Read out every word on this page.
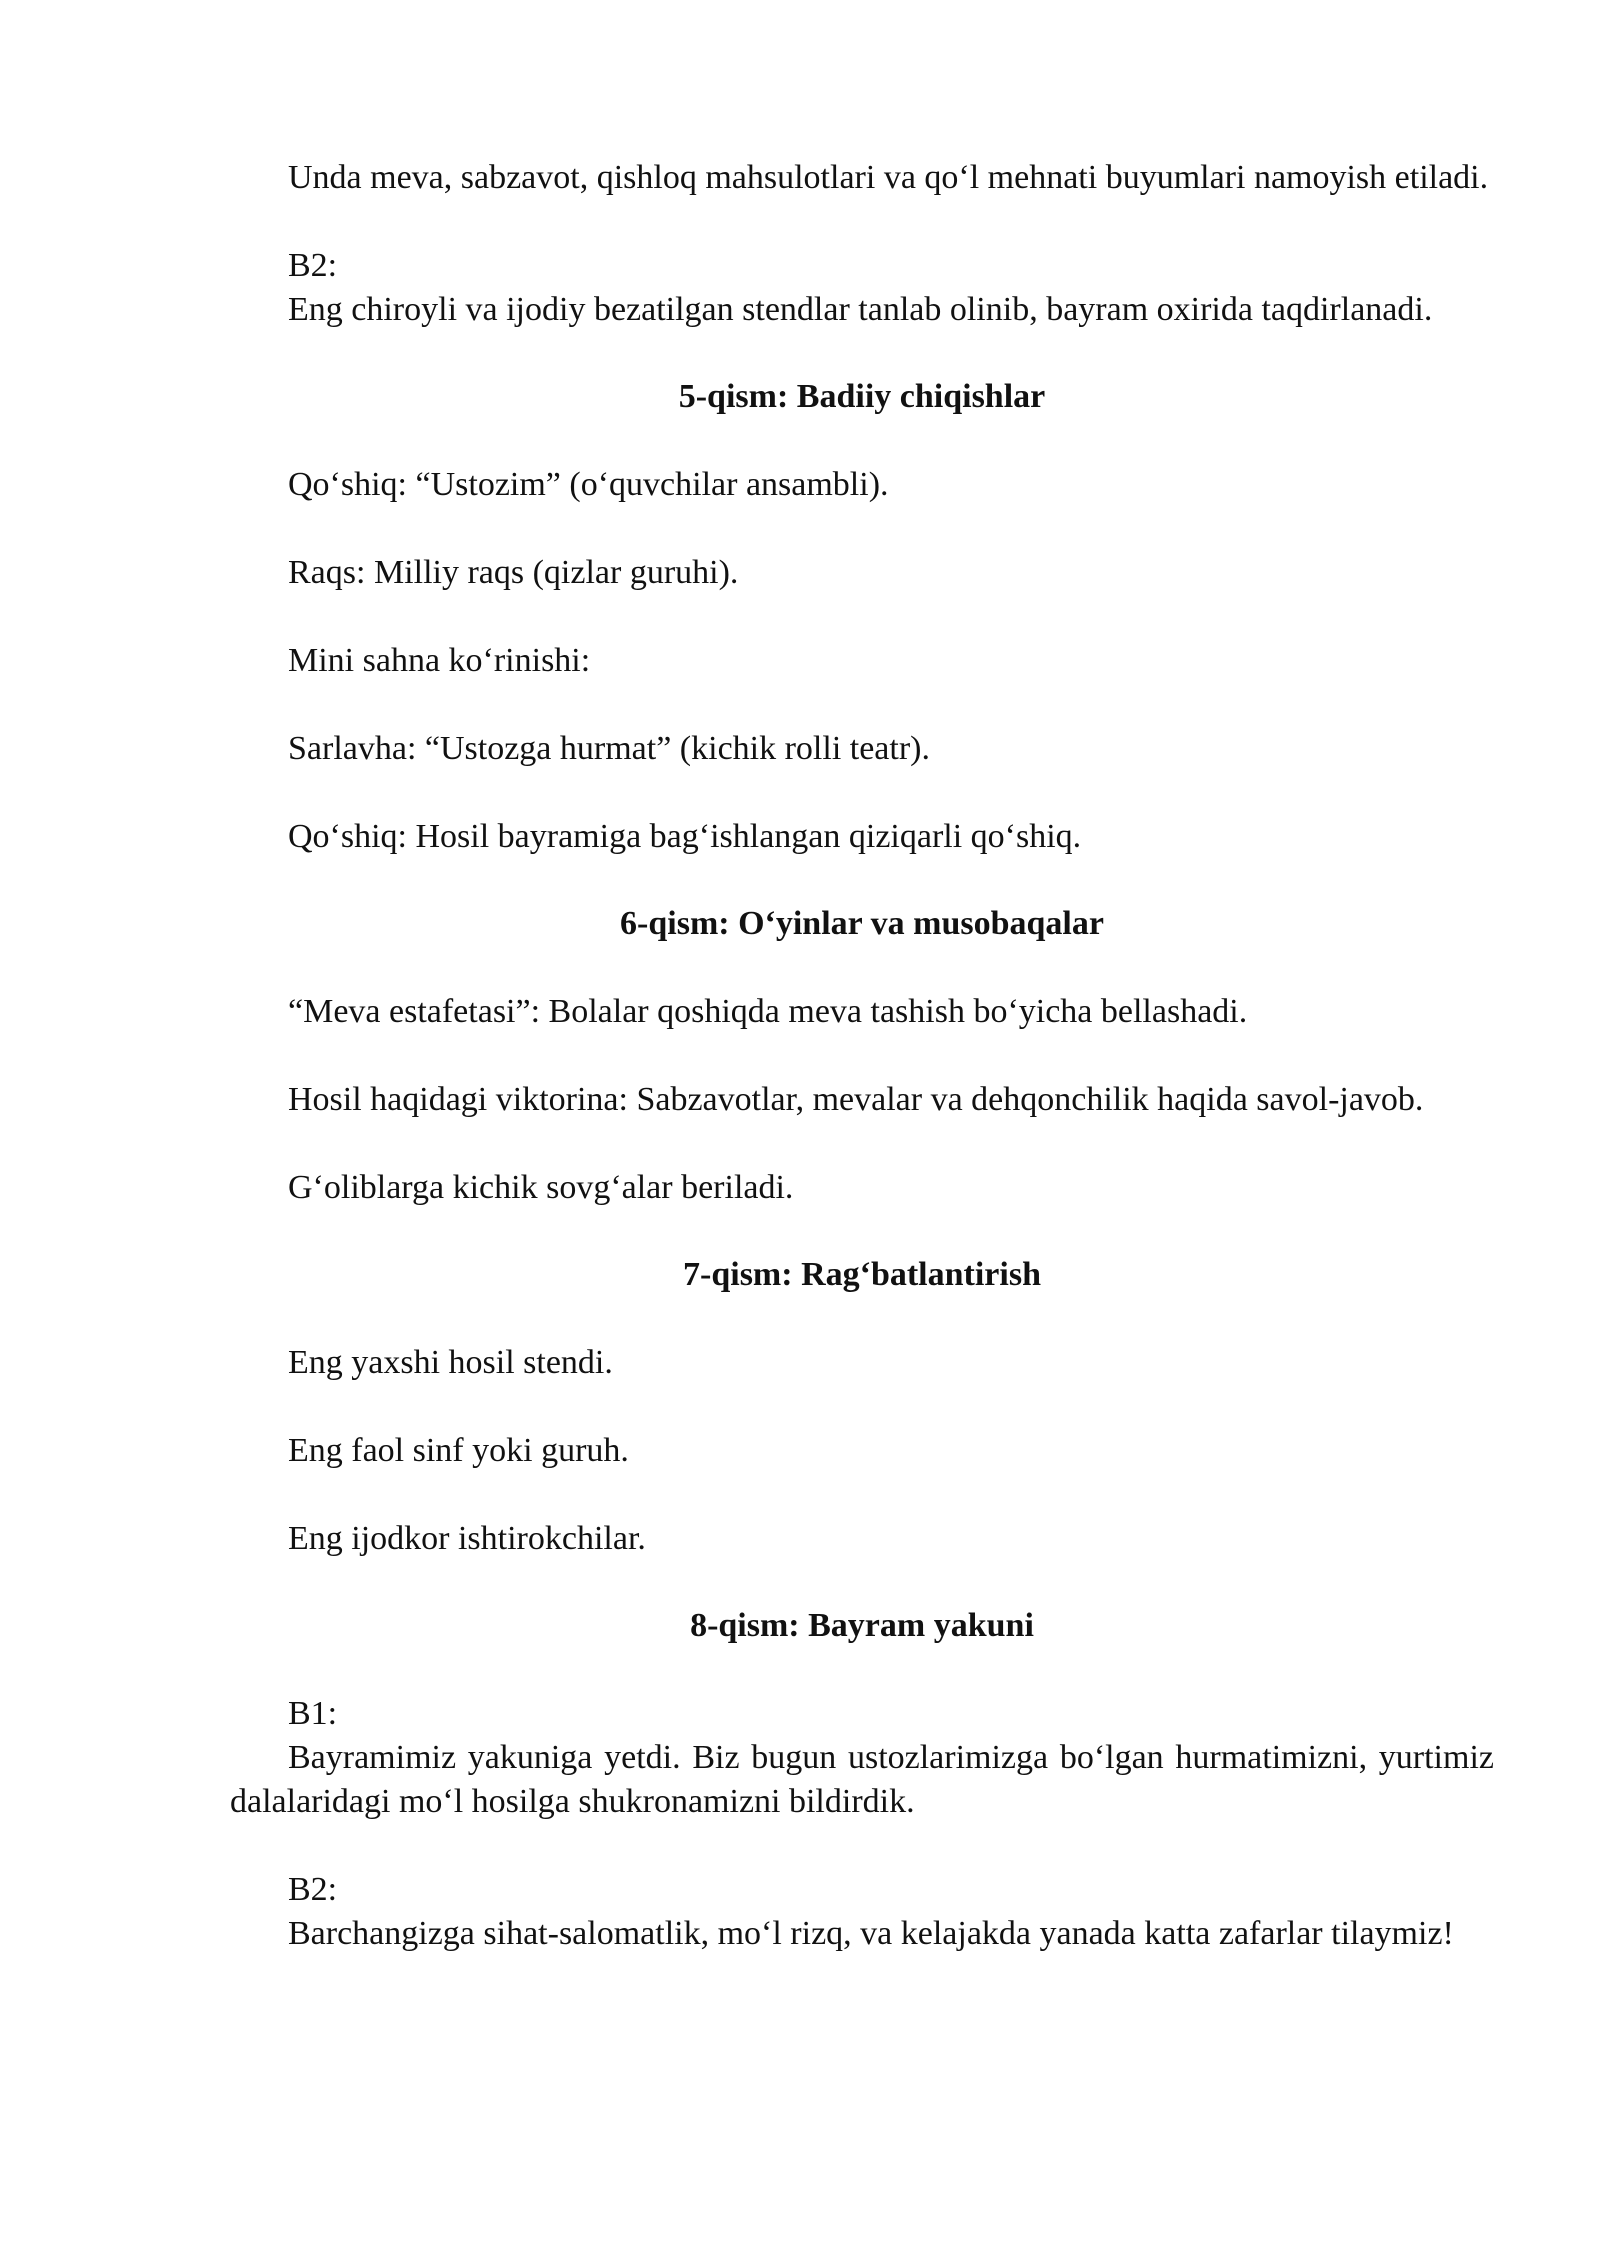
Unda meva, sabzavot, qishloq mahsulotlari va qo‘l mehnati buyumlari namoyish etiladi.

B2:

Eng chiroyli va ijodiy bezatilgan stendlar tanlab olinib, bayram oxirida taqdirlanadi.

5-qism: Badiiy chiqishlar

Qo‘shiq: “Ustozim” (o‘quvchilar ansambli).

Raqs: Milliy raqs (qizlar guruhi).

Mini sahna ko‘rinishi:

Sarlavha: “Ustozga hurmat” (kichik rolli teatr).

Qo‘shiq: Hosil bayramiga bag‘ishlangan qiziqarli qo‘shiq.

6-qism: O‘yinlar va musobaqalar

“Meva estafetasi”: Bolalar qoshiqda meva tashish bo‘yicha bellashadi.

Hosil haqidagi viktorina: Sabzavotlar, mevalar va dehqonchilik haqida savol-javob.

G‘oliblarga kichik sovg‘alar beriladi.

7-qism: Rag‘batlantirish

Eng yaxshi hosil stendi.

Eng faol sinf yoki guruh.

Eng ijodkor ishtirokchilar.

8-qism: Bayram yakuni

B1:

Bayramimiz yakuniga yetdi. Biz bugun ustozlarimizga bo‘lgan hurmatimizni, yurtimiz dalalaridagi mo‘l hosilga shukronamizni bildirdik.

B2:

Barchangizga sihat-salomatlik, mo‘l rizq, va kelajakda yanada katta zafarlar tilaymiz!
